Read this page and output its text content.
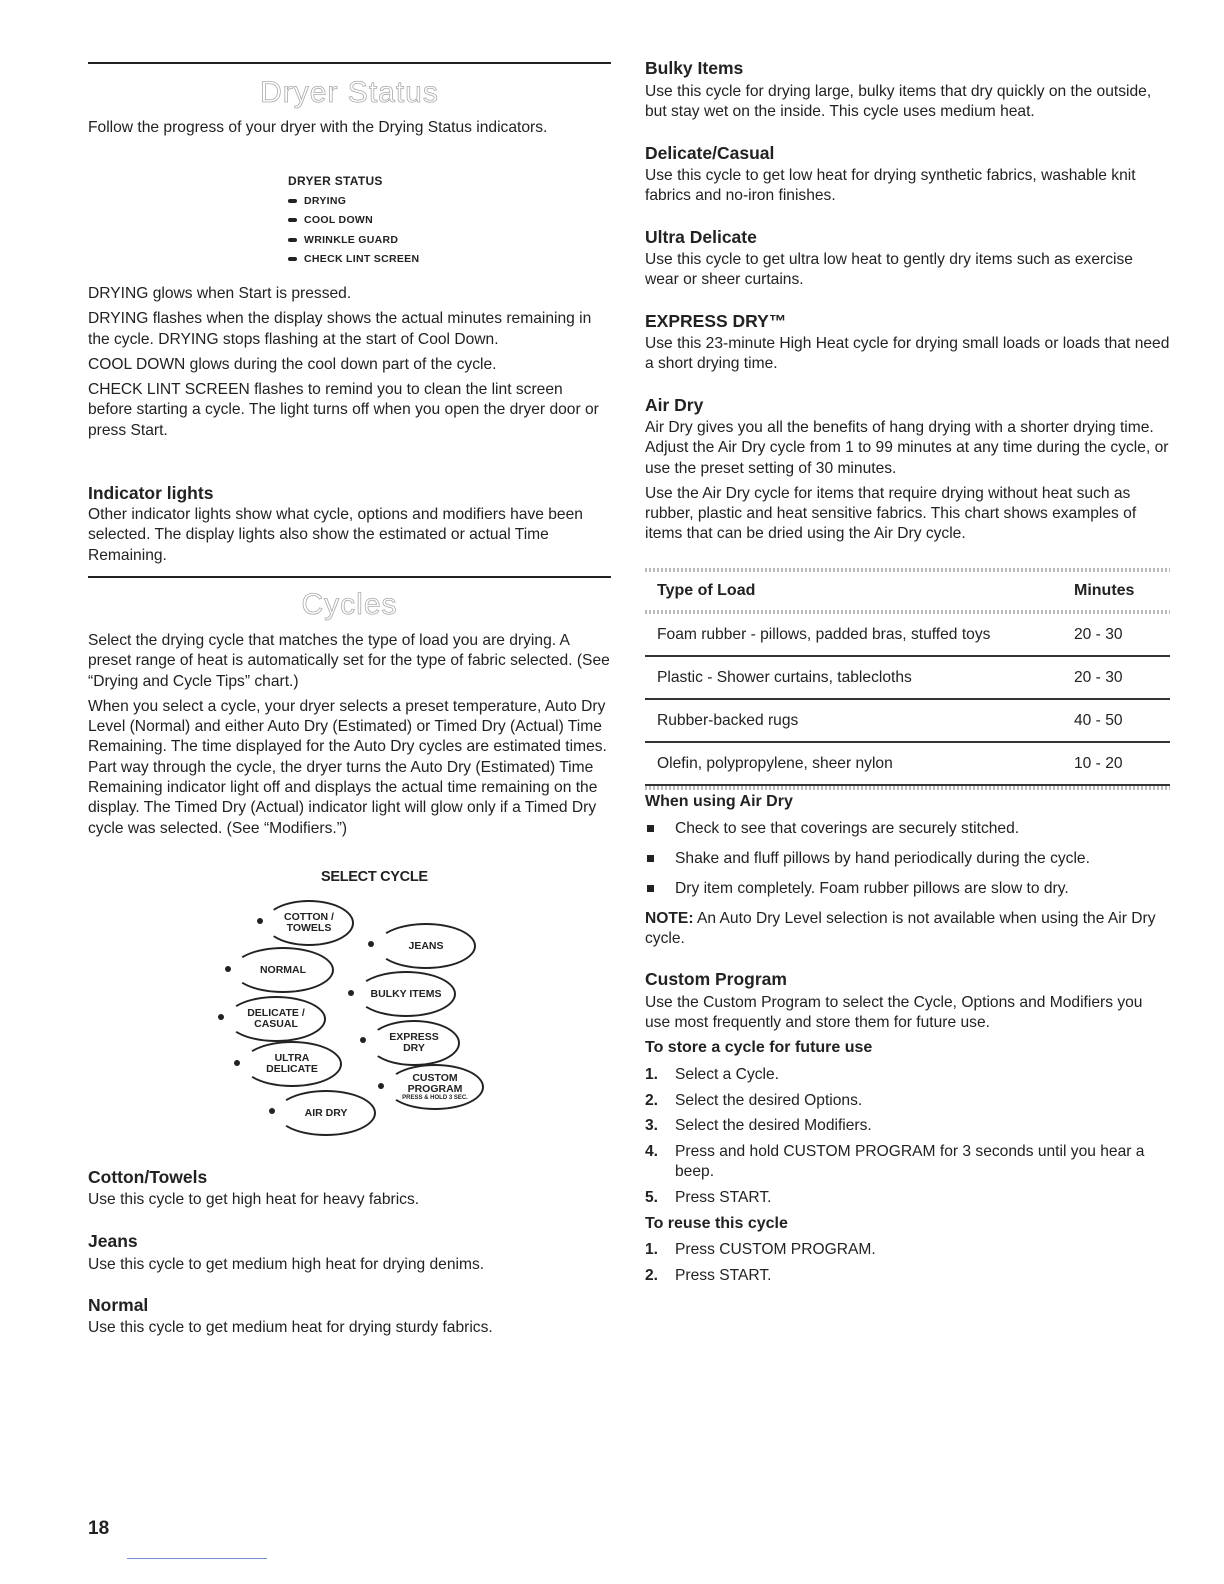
Dryer Status

Follow the progress of your dryer with the Drying Status indicators.

DRYER STATUS
DRYING
COOL DOWN
WRINKLE GUARD
CHECK LINT SCREEN

DRYING glows when Start is pressed.

DRYING flashes when the display shows the actual minutes remaining in the cycle. DRYING stops flashing at the start of Cool Down.

COOL DOWN glows during the cool down part of the cycle.

CHECK LINT SCREEN flashes to remind you to clean the lint screen before starting a cycle. The light turns off when you open the dryer door or press Start.

Indicator lights

Other indicator lights show what cycle, options and modifiers have been selected. The display lights also show the estimated or actual Time Remaining.

Cycles

Select the drying cycle that matches the type of load you are drying. A preset range of heat is automatically set for the type of fabric selected. (See “Drying and Cycle Tips” chart.)

When you select a cycle, your dryer selects a preset temperature, Auto Dry Level (Normal) and either Auto Dry (Estimated) or Timed Dry (Actual) Time Remaining. The time displayed for the Auto Dry cycles are estimated times. Part way through the cycle, the dryer turns the Auto Dry (Estimated) Time Remaining indicator light off and displays the actual time remaining on the display. The Timed Dry (Actual) indicator light will glow only if a Timed Dry cycle was selected. (See “Modifiers.”)

SELECT CYCLE
COTTON /
TOWELS
JEANS
NORMAL
BULKY ITEMS
DELICATE /
CASUAL
EXPRESS
DRY
ULTRA
DELICATE
CUSTOM
PROGRAM
PRESS & HOLD 3 SEC.
AIR DRY
Cotton/Towels

Use this cycle to get high heat for heavy fabrics.

Jeans

Use this cycle to get medium high heat for drying denims.

Normal

Use this cycle to get medium heat for drying sturdy fabrics.

Bulky Items

Use this cycle for drying large, bulky items that dry quickly on the outside, but stay wet on the inside. This cycle uses medium heat.

Delicate/Casual

Use this cycle to get low heat for drying synthetic fabrics, washable knit fabrics and no-iron finishes.

Ultra Delicate

Use this cycle to get ultra low heat to gently dry items such as exercise wear or sheer curtains.

EXPRESS DRY™

Use this 23-minute High Heat cycle for drying small loads or loads that need a short drying time.

Air Dry

Air Dry gives you all the benefits of hang drying with a shorter drying time. Adjust the Air Dry cycle from 1 to 99 minutes at any time during the cycle, or use the preset setting of 30 minutes.

Use the Air Dry cycle for items that require drying without heat such as rubber, plastic and heat sensitive fabrics. This chart shows examples of items that can be dried using the Air Dry cycle.

Type of Load	Minutes
Foam rubber - pillows, padded bras, stuffed toys	20 - 30
Plastic - Shower curtains, tablecloths	20 - 30
Rubber-backed rugs	40 - 50
Olefin, polypropylene, sheer nylon	10 - 20
When using Air Dry
Check to see that coverings are securely stitched.
Shake and fluff pillows by hand periodically during the cycle.
Dry item completely. Foam rubber pillows are slow to dry.

NOTE: An Auto Dry Level selection is not available when using the Air Dry cycle.

Custom Program

Use the Custom Program to select the Cycle, Options and Modifiers you use most frequently and store them for future use.

To store a cycle for future use
1. Select a Cycle.
2. Select the desired Options.
3. Select the desired Modifiers.
4. Press and hold CUSTOM PROGRAM for 3 seconds until you hear a beep.
5. Press START.
To reuse this cycle
1. Press CUSTOM PROGRAM.
2. Press START.
18
